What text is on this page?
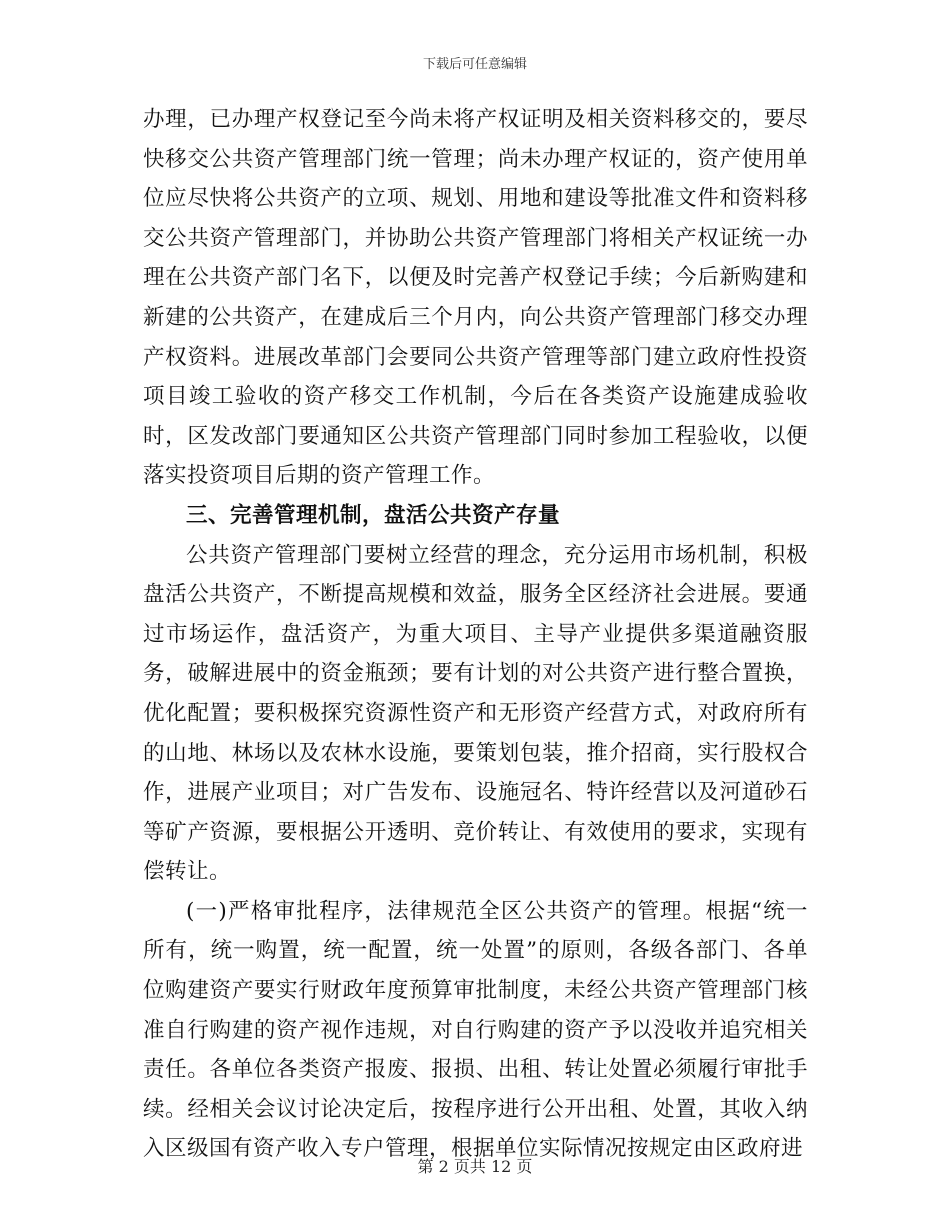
下载后可任意编辑

办理，已办理产权登记至今尚未将产权证明及相关资料移交的，要尽快移交公共资产管理部门统一管理；尚未办理产权证的，资产使用单位应尽快将公共资产的立项、规划、用地和建设等批准文件和资料移交公共资产管理部门，并协助公共资产管理部门将相关产权证统一办理在公共资产部门名下，以便及时完善产权登记手续；今后新购建和新建的公共资产，在建成后三个月内，向公共资产管理部门移交办理产权资料。进展改革部门会要同公共资产管理等部门建立政府性投资项目竣工验收的资产移交工作机制，今后在各类资产设施建成验收时，区发改部门要通知区公共资产管理部门同时参加工程验收，以便落实投资项目后期的资产管理工作。

三、完善管理机制，盘活公共资产存量

公共资产管理部门要树立经营的理念，充分运用市场机制，积极盘活公共资产，不断提高规模和效益，服务全区经济社会进展。要通过市场运作，盘活资产，为重大项目、主导产业提供多渠道融资服务，破解进展中的资金瓶颈；要有计划的对公共资产进行整合置换，优化配置；要积极探究资源性资产和无形资产经营方式，对政府所有的山地、林场以及农林水设施，要策划包装，推介招商，实行股权合作，进展产业项目；对广告发布、设施冠名、特许经营以及河道砂石等矿产资源，要根据公开透明、竞价转让、有效使用的要求，实现有偿转让。

(一)严格审批程序，法律规范全区公共资产的管理。根据“统一所有，统一购置，统一配置，统一处置”的原则，各级各部门、各单位购建资产要实行财政年度预算审批制度，未经公共资产管理部门核准自行购建的资产视作违规，对自行购建的资产予以没收并追究相关责任。各单位各类资产报废、报损、出租、转让处置必须履行审批手续。经相关会议讨论决定后，按程序进行公开出租、处置，其收入纳入区级国有资产收入专户管理，根据单位实际情况按规定由区政府进

第 2 页共 12 页
